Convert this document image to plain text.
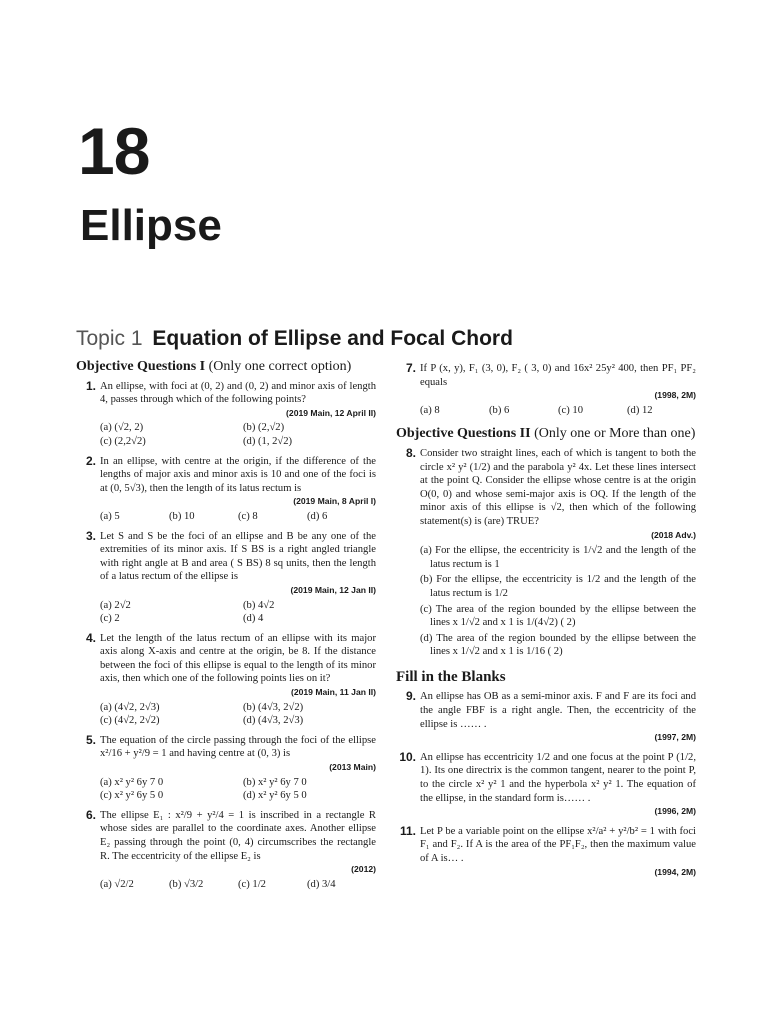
18
Ellipse
Topic 1 Equation of Ellipse and Focal Chord
Objective Questions I (Only one correct option)
1. An ellipse, with foci at (0, 2) and (0, 2) and minor axis of length 4, passes through which of the following points?
(2019 Main, 12 April II)
(a) (√2, 2)	(b) (2,√2)
(c) (2,2√2)	(d) (1, 2√2)
2. In an ellipse, with centre at the origin, if the difference of the lengths of major axis and minor axis is 10 and one of the foci is at (0, 5√3), then the length of its latus rectum is
(2019 Main, 8 April I)
(a) 5	(b) 10	(c) 8	(d) 6
3. Let S and S be the foci of an ellipse and B be any one of the extremities of its minor axis. If S BS is a right angled triangle with right angle at B and area ( S BS) 8 sq units, then the length of a latus rectum of the ellipse is
(2019 Main, 12 Jan II)
(a) 2√2	(b) 4√2
(c) 2	(d) 4
4. Let the length of the latus rectum of an ellipse with its major axis along X-axis and centre at the origin, be 8. If the distance between the foci of this ellipse is equal to the length of its minor axis, then which one of the following points lies on it?
(2019 Main, 11 Jan II)
(a) (4√2, 2√3)	(b) (4√3, 2√2)
(c) (4√2, 2√2)	(d) (4√3, 2√3)
5. The equation of the circle passing through the foci of the ellipse x²/16 + y²/9 = 1 and having centre at (0, 3) is
(2013 Main)
(a) x² y² 6y 7 0	(b) x² y² 6y 7 0
(c) x² y² 6y 5 0	(d) x² y² 6y 5 0
6. The ellipse E₁ : x²/9 + y²/4 = 1 is inscribed in a rectangle R whose sides are parallel to the coordinate axes. Another ellipse E₂ passing through the point (0, 4) circumscribes the rectangle R. The eccentricity of the ellipse E₂ is
(2012)
(a) √2/2	(b) √3/2	(c) 1/2	(d) 3/4
7. If P (x, y), F₁ (3, 0), F₂ ( 3, 0) and 16x² 25y² 400, then PF₁ PF₂ equals
(1998, 2M)
(a) 8	(b) 6	(c) 10	(d) 12
Objective Questions II (Only one or More than one)
8. Consider two straight lines, each of which is tangent to both the circle x² y² (1/2) and the parabola y² 4x. Let these lines intersect at the point Q. Consider the ellipse whose centre is at the origin O(0, 0) and whose semi-major axis is OQ. If the length of the minor axis of this ellipse is √2, then which of the following statement(s) is (are) TRUE?
(2018 Adv.)
(a) For the ellipse, the eccentricity is 1/√2 and the length of the latus rectum is 1
(b) For the ellipse, the eccentricity is 1/2 and the length of the latus rectum is 1/2
(c) The area of the region bounded by the ellipse between the lines x 1/√2 and x 1 is 1/(4√2) ( 2)
(d) The area of the region bounded by the ellipse between the lines x 1/√2 and x 1 is 1/16 ( 2)
Fill in the Blanks
9. An ellipse has OB as a semi-minor axis. F and F are its foci and the angle FBF is a right angle. Then, the eccentricity of the ellipse is …… .
(1997, 2M)
10. An ellipse has eccentricity 1/2 and one focus at the point P (1/2, 1). Its one directrix is the common tangent, nearer to the point P, to the circle x² y² 1 and the hyperbola x² y² 1. The equation of the ellipse, in the standard form is…… .
(1996, 2M)
11. Let P be a variable point on the ellipse x²/a² + y²/b² = 1 with foci F₁ and F₂. If A is the area of the PF₁F₂, then the maximum value of A is… .
(1994, 2M)
